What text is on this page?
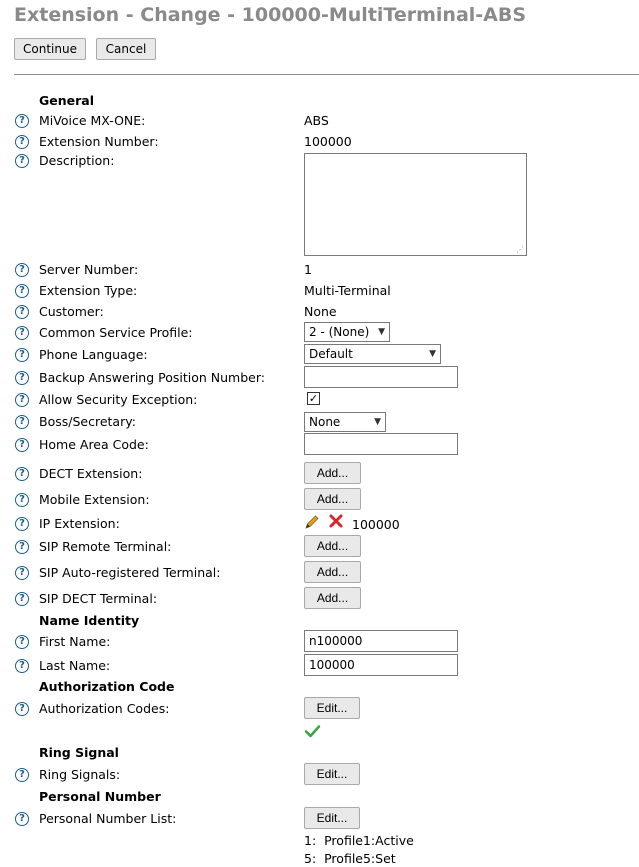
Extension - Change - 100000-MultiTerminal-ABS
Continue	Cancel
General
?	MiVoice MX-ONE:	ABS
?	Extension Number:	100000
?	Description:
⋰
?	Server Number:	1
?	Extension Type:	Multi-Terminal
?	Customer:	None
?	Common Service Profile:	2 - (None) ▼
?	Phone Language:	Default	▼
?	Backup Answering Position Number:
?	Allow Security Exception:	✓
?	Boss/Secretary:	None	▼
?	Home Area Code:
?	DECT Extension:	Add...
?	Mobile Extension:	Add...
?	IP Extension:	100000
?	SIP Remote Terminal:	Add...
?	SIP Auto-registered Terminal:	Add...
?	SIP DECT Terminal:	Add...
Name Identity
?	First Name:
n100000
?	Last Name:
100000
Authorization Code
?	Authorization Codes:	Edit...
Ring Signal
?	Ring Signals:	Edit...
Personal Number
?	Personal Number List:	Edit...
1:  Profile1:Active
5:  Profile5:Set
